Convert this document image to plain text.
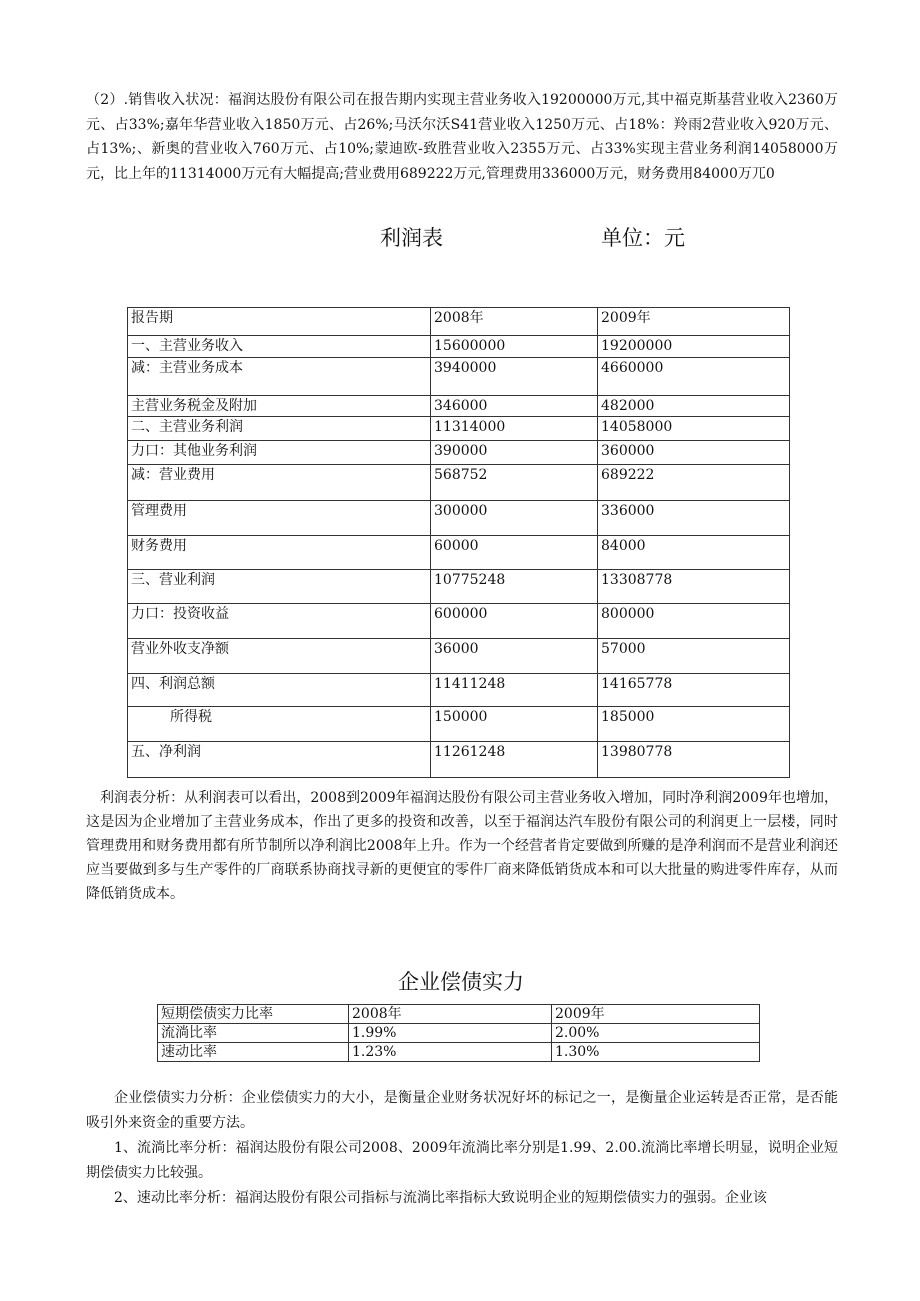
（2）.销售收入状况：福润达股份有限公司在报告期内实现主营业务收入19200000万元,其中福克斯基营业收入2360万元、占33%;嘉年华营业收入1850万元、占26%;马沃尔沃S41营业收入1250万元、占18%：羚雨2营业收入920万元、占13%;、新奥的营业收入760万元、占10%;蒙迪欧-致胜营业收入2355万元、占33%实现主营业务利润14058000万元，比上年的11314000万元有大幅提高;营业费用689222万元,管理费用336000万元，财务费用84000万兀0

利润表	单位：元
报告期	2008年	2009年
一、主营业务收入	15600000	19200000
减：主营业务成本	3940000	4660000
主营业务税金及附加	346000	482000
二、主营业务利润	11314000	14058000
力口：其他业务利润	390000	360000
减：营业费用	568752	689222
管理费用	300000	336000
财务费用	60000	84000
三、营业利润	10775248	13308778
力口：投资收益	600000	800000
营业外收支净额	36000	57000
四、利润总额	11411248	14165778
所得税	150000	185000
五、净利润	11261248	13980778

利润表分析：从利润表可以看出，2008到2009年福润达股份有限公司主营业务收入增加，同时净利润2009年也增加，这是因为企业增加了主营业务成本，作出了更多的投资和改善，以至于福润达汽车股份有限公司的利润更上一层楼，同时管理费用和财务费用都有所节制所以净利润比2008年上升。作为一个经营者肯定要做到所赚的是净利润而不是营业利润还应当要做到多与生产零件的厂商联系协商找寻新的更便宜的零件厂商来降低销货成本和可以大批量的购进零件库存，从而降低销货成本。

企业偿债实力
短期偿债实力比率	2008年	2009年
流淌比率	1.99%	2.00%
速动比率	1.23%	1.30%

企业偿债实力分析：企业偿债实力的大小，是衡量企业财务状况好坏的标记之一，是衡量企业运转是否正常，是否能吸引外来资金的重要方法。

1、流淌比率分析：福润达股份有限公司2008、2009年流淌比率分别是1.99、2.00.流淌比率增长明显，说明企业短期偿债实力比较强。

2、速动比率分析：福润达股份有限公司指标与流淌比率指标大致说明企业的短期偿债实力的强弱。企业该
